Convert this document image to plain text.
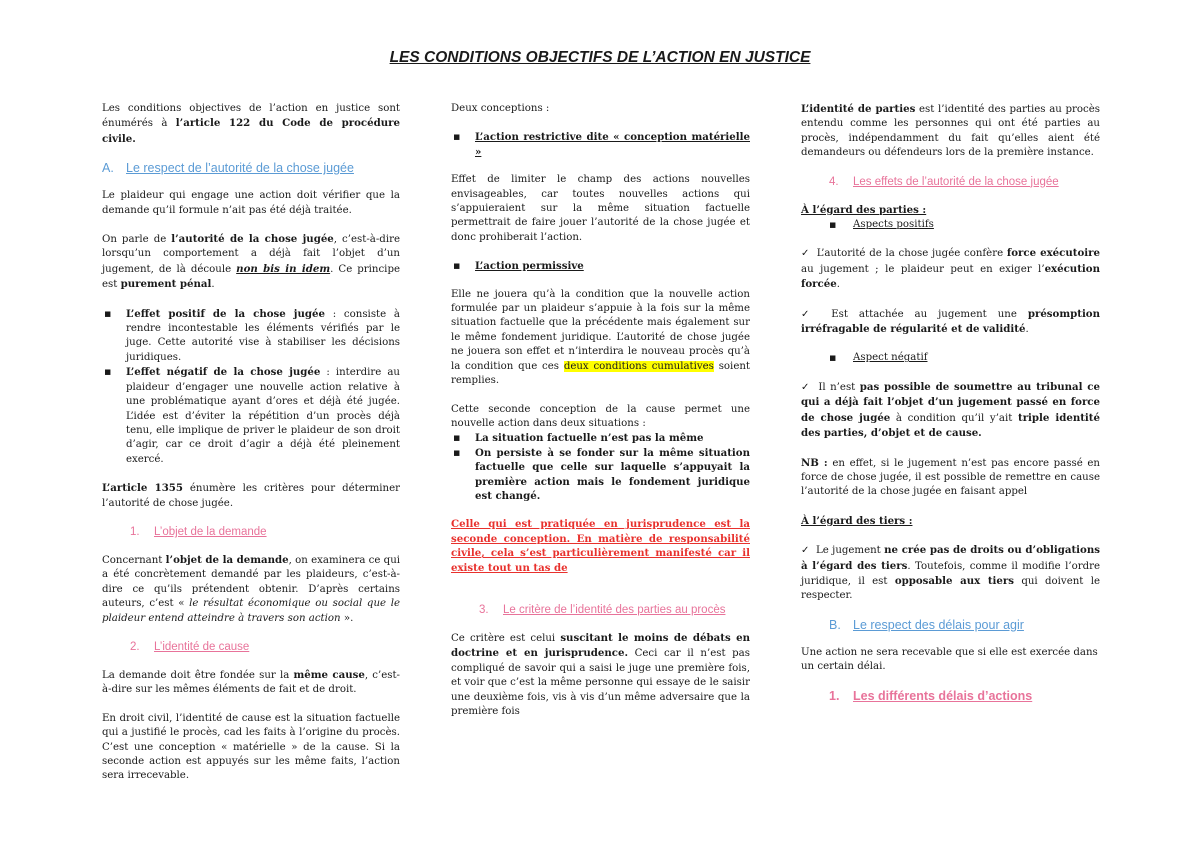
LES CONDITIONS OBJECTIFS DE L’ACTION EN JUSTICE

Les conditions objectives de l’action en justice sont énumérés à l’article 122 du Code de procédure civile.

A. Le respect de l’autorité de la chose jugée

Le plaideur qui engage une action doit vérifier que la demande qu’il formule n’ait pas été déjà traitée.

On parle de l’autorité de la chose jugée, c’est-à-dire lorsqu’un comportement a déjà fait l’objet d’un jugement, de là découle non bis in idem. Ce principe est purement pénal.

▪ L’effet positif de la chose jugée : consiste à rendre incontestable les éléments vérifiés par le juge. Cette autorité vise à stabiliser les décisions juridiques.
▪ L’effet négatif de la chose jugée : interdire au plaideur d’engager une nouvelle action relative à une problématique ayant d’ores et déjà été jugée. L’idée est d’éviter la répétition d’un procès déjà tenu, elle implique de priver le plaideur de son droit d’agir, car ce droit d’agir a déjà été pleinement exercé.

L’article 1355 énumère les critères pour déterminer l’autorité de chose jugée.

1. L’objet de la demande

Concernant l’objet de la demande, on examinera ce qui a été concrètement demandé par les plaideurs, c’est-à-dire ce qu’ils prétendent obtenir. D’après certains auteurs, c’est « le résultat économique ou social que le plaideur entend atteindre à travers son action ».

2. L’identité de cause

La demande doit être fondée sur la même cause, c’est-à-dire sur les mêmes éléments de fait et de droit.

En droit civil, l’identité de cause est la situation factuelle qui a justifié le procès, cad les faits à l’origine du procès. C’est une conception « matérielle » de la cause. Si la seconde action est appuyés sur les même faits, l’action sera irrecevable.

Deux conceptions :

▪ L’action restrictive dite « conception matérielle »

Effet de limiter le champ des actions nouvelles envisageables, car toutes nouvelles actions qui s’appuieraient sur la même situation factuelle permettrait de faire jouer l’autorité de la chose jugée et donc prohiberait l’action.

▪ L’action permissive

Elle ne jouera qu’à la condition que la nouvelle action formulée par un plaideur s’appuie à la fois sur la même situation factuelle que la précédente mais également sur le même fondement juridique. L’autorité de chose jugée ne jouera son effet et n’interdira le nouveau procès qu’à la condition que ces deux conditions cumulatives soient remplies.

Cette seconde conception de la cause permet une nouvelle action dans deux situations :

▪ La situation factuelle n’est pas la même
▪ On persiste à se fonder sur la même situation factuelle que celle sur laquelle s’appuyait la première action mais le fondement juridique est changé.

Celle qui est pratiquée en jurisprudence est la seconde conception. En matière de responsabilité civile, cela s’est particulièrement manifesté car il existe tout un tas de

3.	Le critère de l’identité des parties au procès

Ce critère est celui suscitant le moins de débats en doctrine et en jurisprudence. Ceci car il n’est pas compliqué de savoir qui a saisi le juge une première fois, et voir que c’est la même personne qui essaye de le saisir une deuxième fois, vis à vis d’un même adversaire que la première fois

L’identité de parties est l’identité des parties au procès entendu comme les personnes qui ont été parties au procès, indépendamment du fait qu’elles aient été demandeurs ou défendeurs lors de la première instance.

4. Les effets de l’autorité de la chose jugée

À l’égard des parties :

▪ Aspects positifs

✓ L’autorité de la chose jugée confère force exécutoire au jugement ; le plaideur peut en exiger l’exécution forcée.

✓ Est attachée au jugement une présomption irréfragable de régularité et de validité.

▪ Aspect négatif

✓ Il n’est pas possible de soumettre au tribunal ce qui a déjà fait l’objet d’un jugement passé en force de chose jugée à condition qu’il y’ait triple identité des parties, d’objet et de cause.

NB : en effet, si le jugement n’est pas encore passé en force de chose jugée, il est possible de remettre en cause l’autorité de la chose jugée en faisant appel

À l’égard des tiers :

✓ Le jugement ne crée pas de droits ou d’obligations à l’égard des tiers. Toutefois, comme il modifie l’ordre juridique, il est opposable aux tiers qui doivent le respecter.

B. Le respect des délais pour agir

Une action ne sera recevable que si elle est exercée dans un certain délai.

1. Les différents délais d’actions
